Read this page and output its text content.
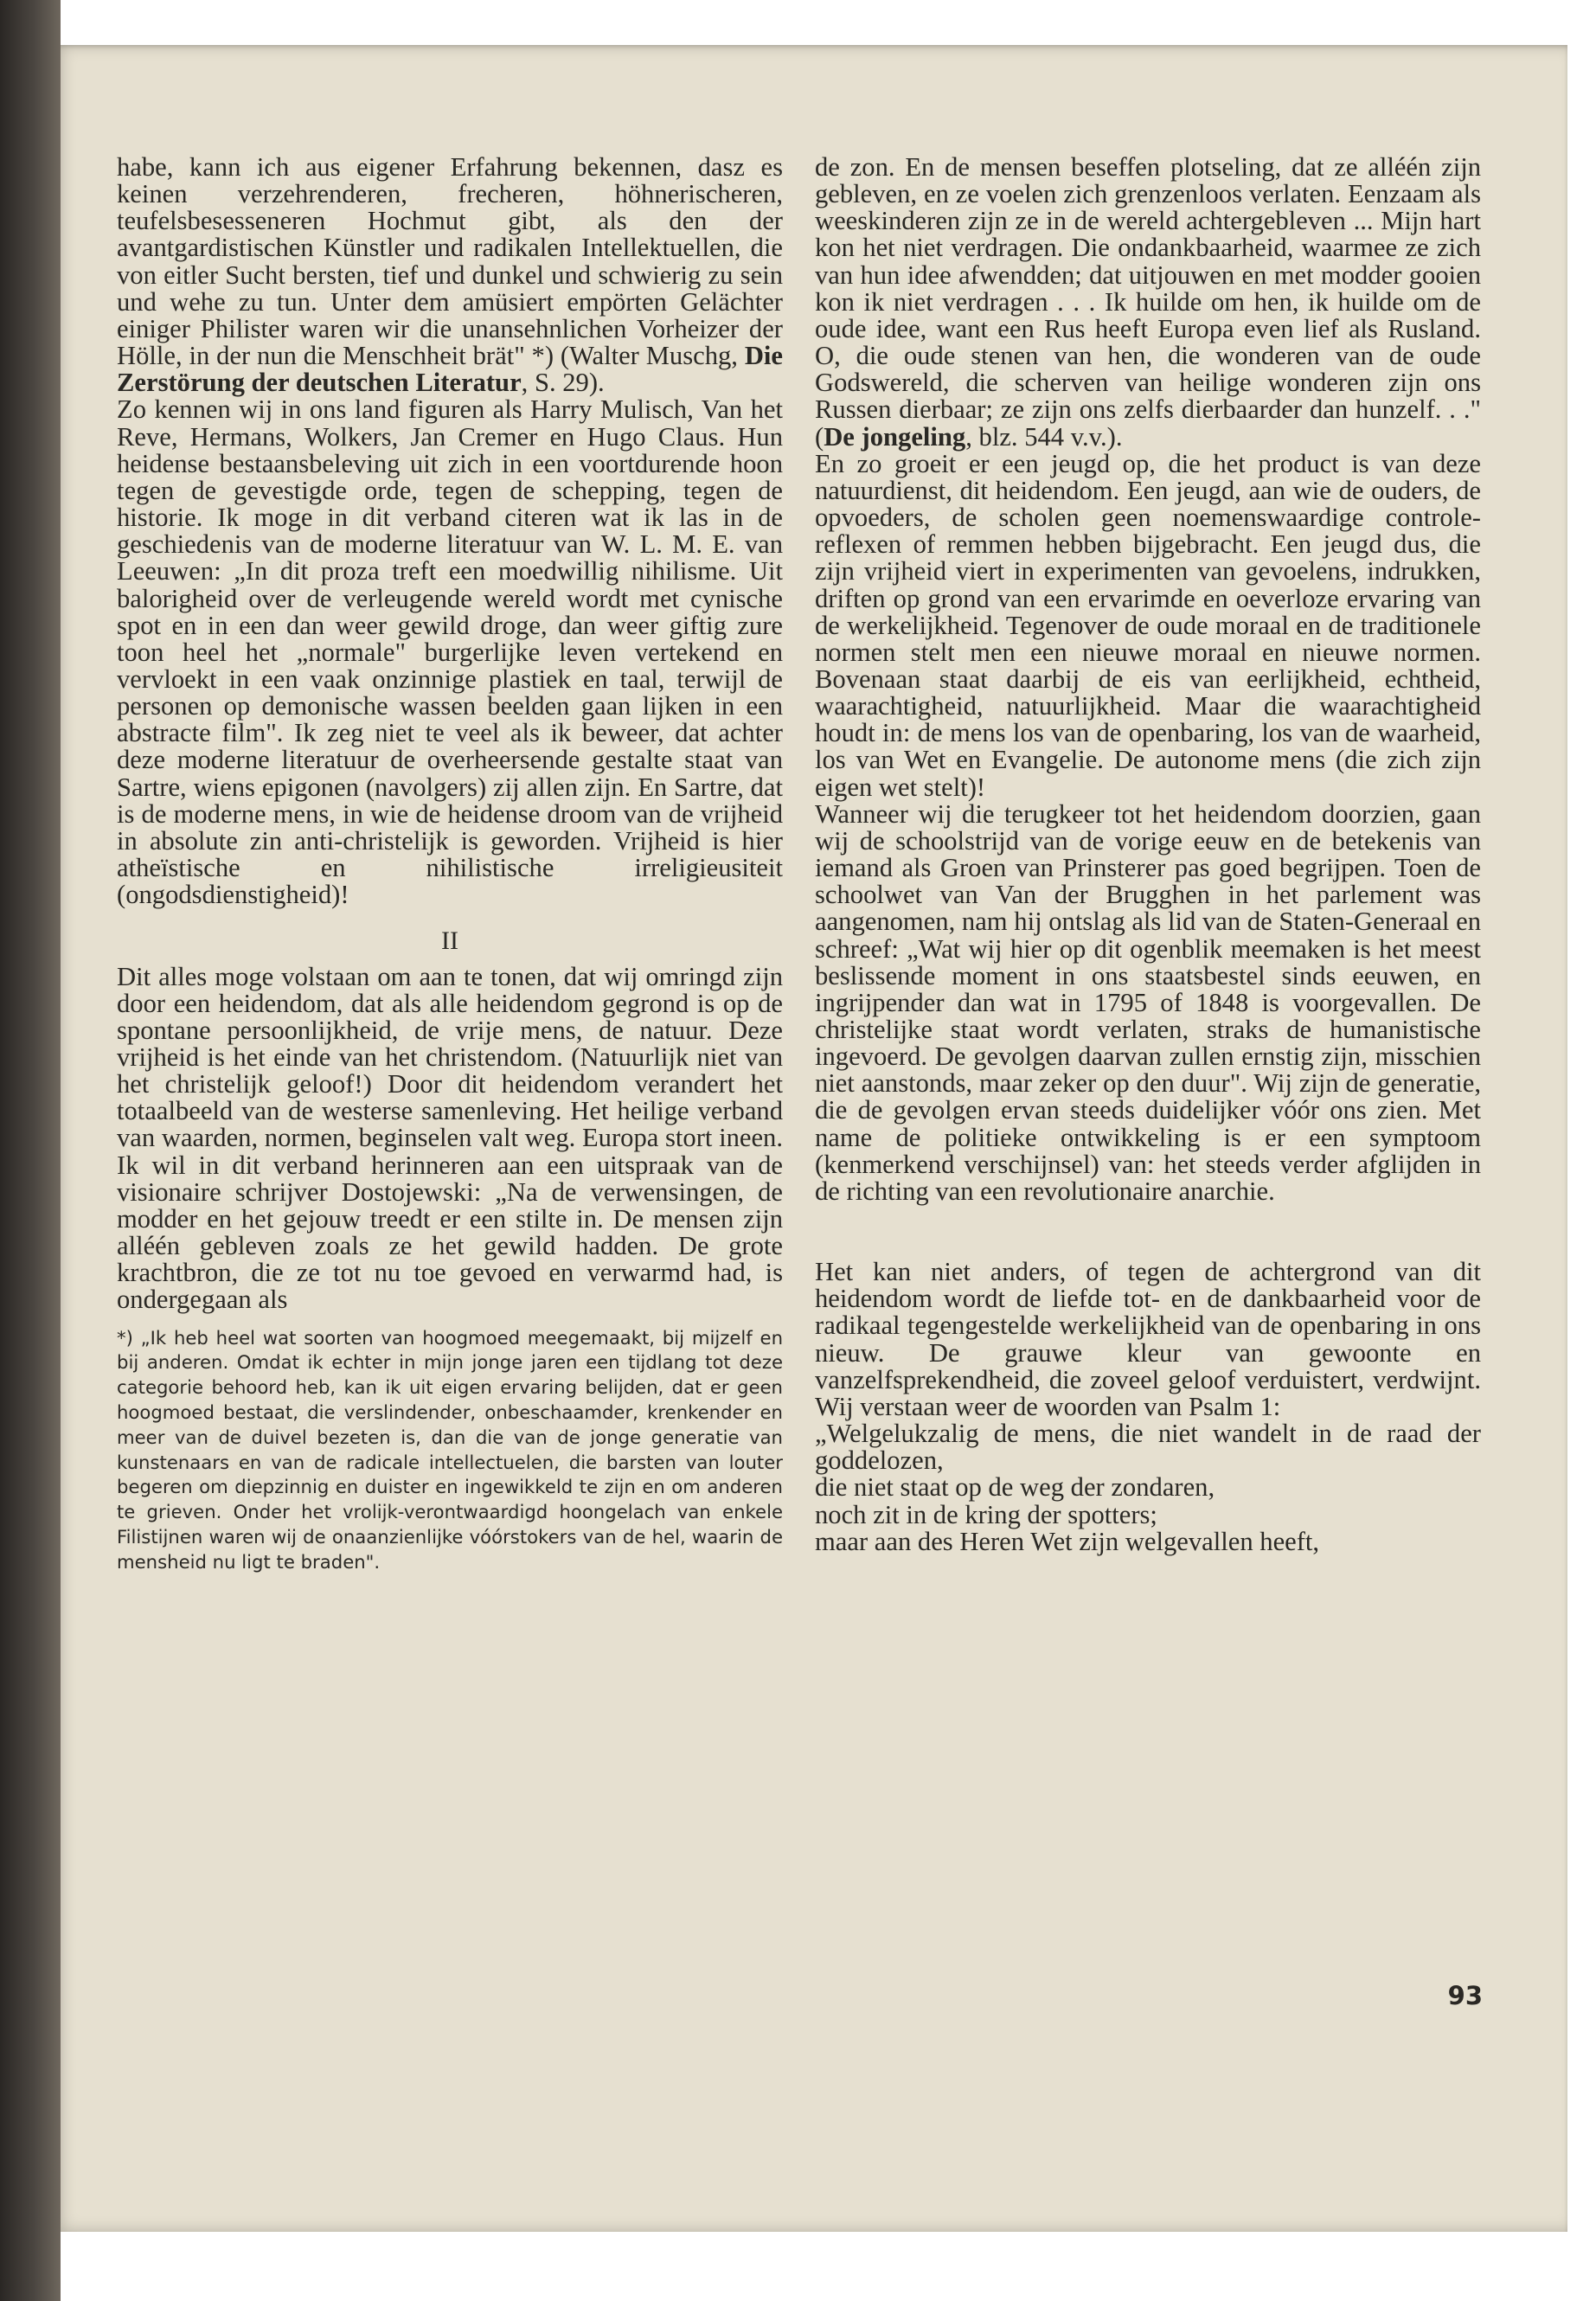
habe, kann ich aus eigener Erfahrung bekennen, dasz es keinen verzehrenderen, frecheren, höhnerischeren, teufelsbesesseneren Hochmut gibt, als den der avantgardistischen Künstler und radikalen Intellektuellen, die von eitler Sucht bersten, tief und dunkel und schwierig zu sein und wehe zu tun. Unter dem amüsiert empörten Gelächter einiger Philister waren wir die unansehnlichen Vorheizer der Hölle, in der nun die Menschheit brät" *) (Walter Muschg, Die Zerstörung der deutschen Literatur, S. 29).

Zo kennen wij in ons land figuren als Harry Mulisch, Van het Reve, Hermans, Wolkers, Jan Cremer en Hugo Claus. Hun heidense bestaansbeleving uit zich in een voortdurende hoon tegen de gevestigde orde, tegen de schepping, tegen de historie. Ik moge in dit verband citeren wat ik las in de geschiedenis van de moderne literatuur van W. L. M. E. van Leeuwen: „In dit proza treft een moedwillig nihilisme. Uit balorigheid over de verleugende wereld wordt met cynische spot en in een dan weer gewild droge, dan weer giftig zure toon heel het „normale" burgerlijke leven vertekend en vervloekt in een vaak onzinnige plastiek en taal, terwijl de personen op demonische wassen beelden gaan lijken in een abstracte film". Ik zeg niet te veel als ik beweer, dat achter deze moderne literatuur de overheersende gestalte staat van Sartre, wiens epigonen (navolgers) zij allen zijn. En Sartre, dat is de moderne mens, in wie de heidense droom van de vrijheid in absolute zin anti-christelijk is geworden. Vrijheid is hier atheïstische en nihilistische irreligieusiteit (ongodsdienstigheid)!

II

Dit alles moge volstaan om aan te tonen, dat wij omringd zijn door een heidendom, dat als alle heidendom gegrond is op de spontane persoonlijkheid, de vrije mens, de natuur. Deze vrijheid is het einde van het christendom. (Natuurlijk niet van het christelijk geloof!) Door dit heidendom verandert het totaalbeeld van de westerse samenleving. Het heilige verband van waarden, normen, beginselen valt weg. Europa stort ineen. Ik wil in dit verband herinneren aan een uitspraak van de visionaire schrijver Dostojewski: „Na de verwensingen, de modder en het gejouw treedt er een stilte in. De mensen zijn alléén gebleven zoals ze het gewild hadden. De grote krachtbron, die ze tot nu toe gevoed en verwarmd had, is ondergegaan als

*) „Ik heb heel wat soorten van hoogmoed meegemaakt, bij mijzelf en bij anderen. Omdat ik echter in mijn jonge jaren een tijdlang tot deze categorie behoord heb, kan ik uit eigen ervaring belijden, dat er geen hoogmoed bestaat, die verslindender, onbeschaamder, krenkender en meer van de duivel bezeten is, dan die van de jonge generatie van kunstenaars en van de radicale intellectuelen, die barsten van louter begeren om diepzinnig en duister en ingewikkeld te zijn en om anderen te grieven. Onder het vrolijk-verontwaardigd hoongelach van enkele Filistijnen waren wij de onaanzienlijke vóórstokers van de hel, waarin de mensheid nu ligt te braden".

de zon. En de mensen beseffen plotseling, dat ze alléén zijn gebleven, en ze voelen zich grenzenloos verlaten. Eenzaam als weeskinderen zijn ze in de wereld achtergebleven ... Mijn hart kon het niet verdragen. Die ondankbaarheid, waarmee ze zich van hun idee afwendden; dat uitjouwen en met modder gooien kon ik niet verdragen . . . Ik huilde om hen, ik huilde om de oude idee, want een Rus heeft Europa even lief als Rusland. O, die oude stenen van hen, die wonderen van de oude Godswereld, die scherven van heilige wonderen zijn ons Russen dierbaar; ze zijn ons zelfs dierbaarder dan hunzelf. . ." (De jongeling, blz. 544 v.v.).

En zo groeit er een jeugd op, die het product is van deze natuurdienst, dit heidendom. Een jeugd, aan wie de ouders, de opvoeders, de scholen geen noemenswaardige controle-reflexen of remmen hebben bijgebracht. Een jeugd dus, die zijn vrijheid viert in experimenten van gevoelens, indrukken, driften op grond van een ervarimde en oeverloze ervaring van de werkelijkheid. Tegenover de oude moraal en de traditionele normen stelt men een nieuwe moraal en nieuwe normen. Bovenaan staat daarbij de eis van eerlijkheid, echtheid, waarachtigheid, natuurlijkheid. Maar die waarachtigheid houdt in: de mens los van de openbaring, los van de waarheid, los van Wet en Evangelie. De autonome mens (die zich zijn eigen wet stelt)!

Wanneer wij die terugkeer tot het heidendom doorzien, gaan wij de schoolstrijd van de vorige eeuw en de betekenis van iemand als Groen van Prinsterer pas goed begrijpen. Toen de schoolwet van Van der Brugghen in het parlement was aangenomen, nam hij ontslag als lid van de Staten-Generaal en schreef: „Wat wij hier op dit ogenblik meemaken is het meest beslissende moment in ons staatsbestel sinds eeuwen, en ingrijpender dan wat in 1795 of 1848 is voorgevallen. De christelijke staat wordt verlaten, straks de humanistische ingevoerd. De gevolgen daarvan zullen ernstig zijn, misschien niet aanstonds, maar zeker op den duur". Wij zijn de generatie, die de gevolgen ervan steeds duidelijker vóór ons zien. Met name de politieke ontwikkeling is er een symptoom (kenmerkend verschijnsel) van: het steeds verder afglijden in de richting van een revolutionaire anarchie.

Het kan niet anders, of tegen de achtergrond van dit heidendom wordt de liefde tot- en de dankbaarheid voor de radikaal tegengestelde werkelijkheid van de openbaring in ons nieuw. De grauwe kleur van gewoonte en vanzelfsprekendheid, die zoveel geloof verduistert, verdwijnt. Wij verstaan weer de woorden van Psalm 1:

„Welgelukzalig de mens, die niet wandelt in de raad der goddelozen,

die niet staat op de weg der zondaren,
noch zit in de kring der spotters;
maar aan des Heren Wet zijn welgevallen heeft,
93
